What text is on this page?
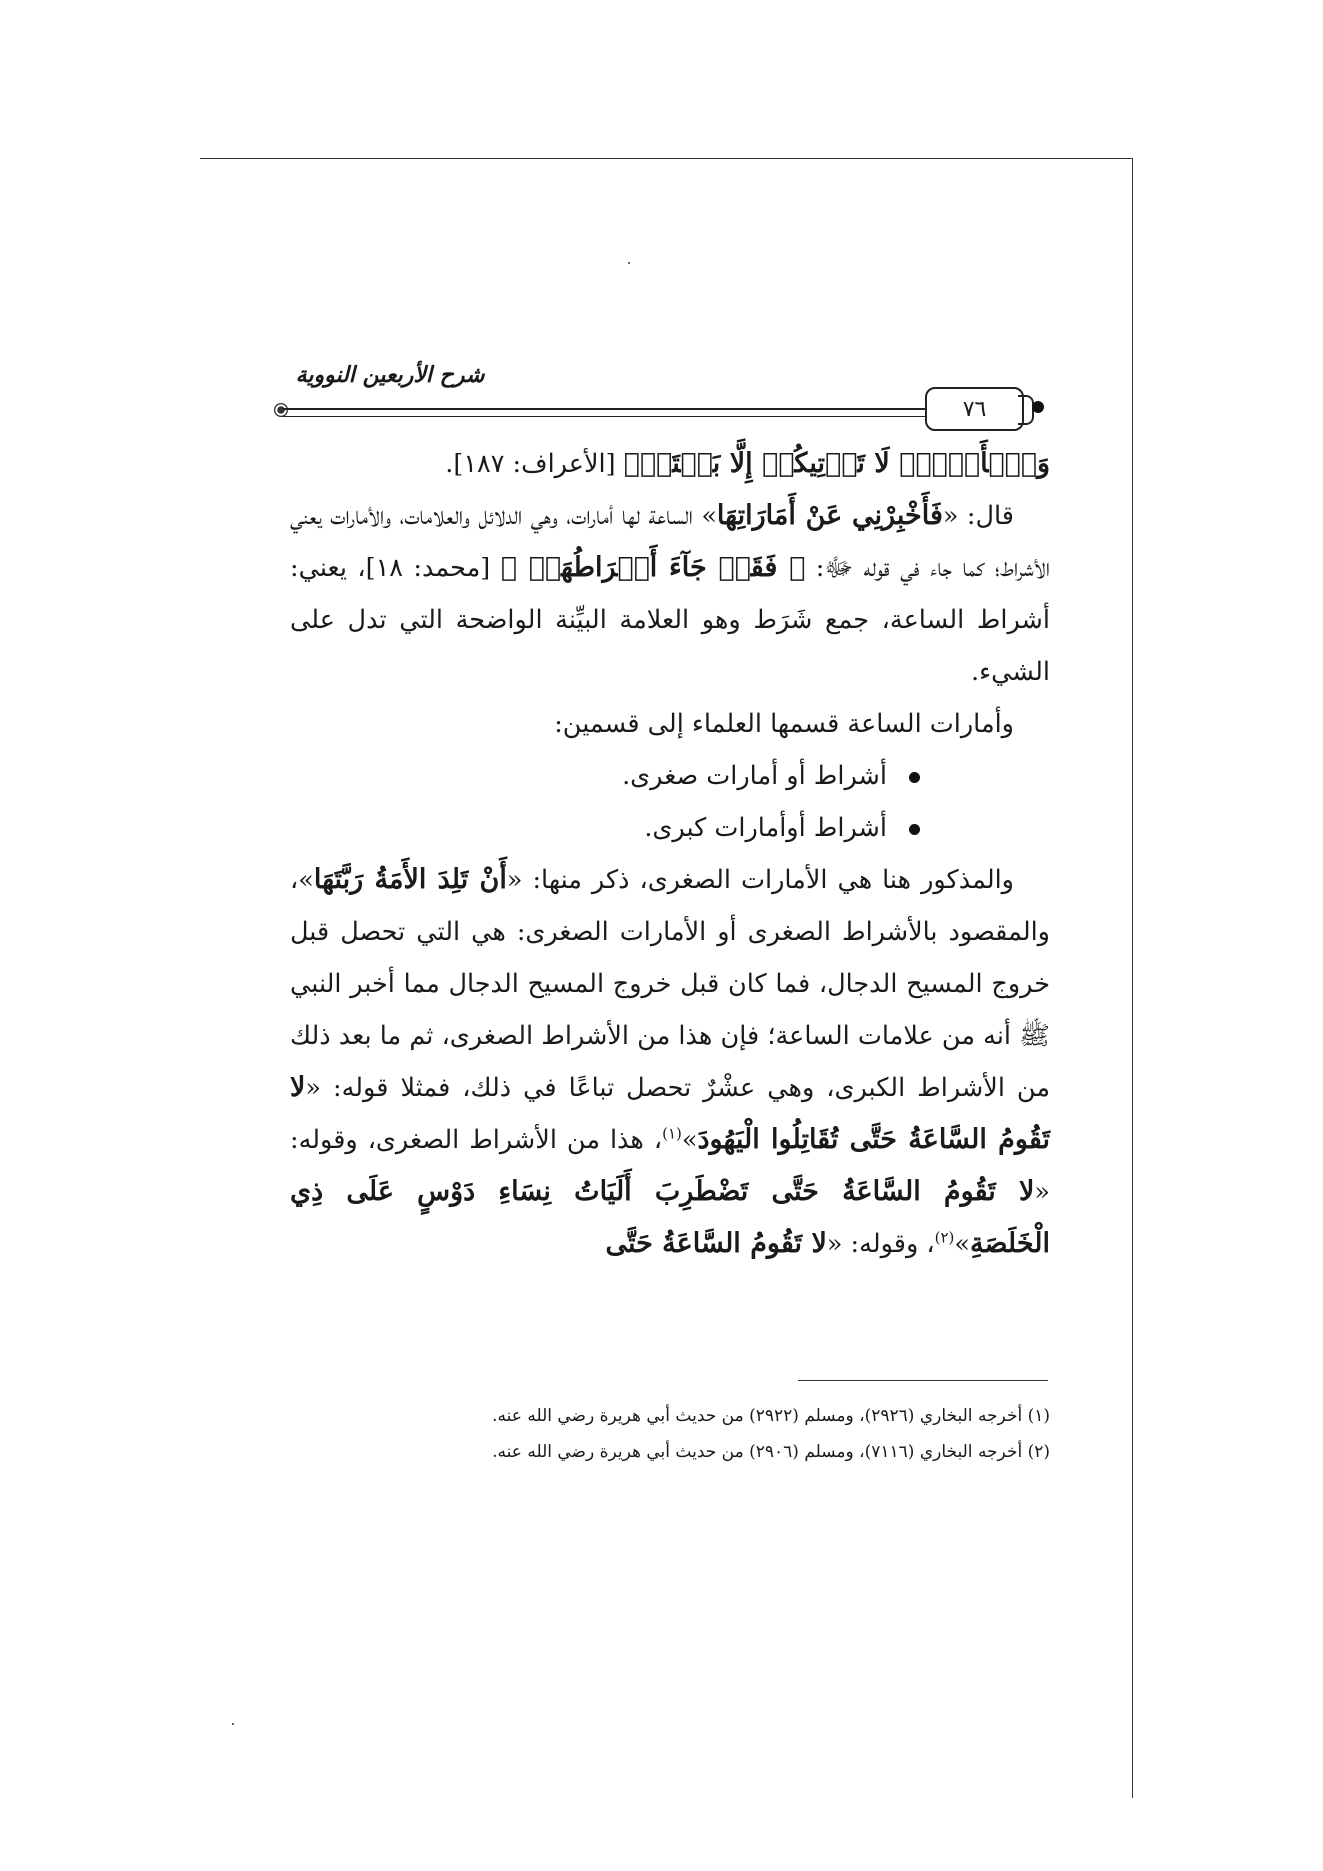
شرح الأربعين النووية
٧٦

وَٱلۡأَرۡضِۚ لَا تَأۡتِيكُمۡ إِلَّا بَغۡتَةٗۗ [الأعراف: ١٨٧].

قال: «فَأَخْبِرْنِي عَنْ أَمَارَاتِهَا» الساعة لها أمارات، وهي الدلائل والعلامات، والأمارات يعني الأشراط؛ كما جاء في قوله ﷻ: ﴿ فَقَدۡ جَآءَ أَشۡرَاطُهَاۚ ﴾ [محمد: ١٨]، يعني: أشراط الساعة، جمع شَرَط وهو العلامة البيِّنة الواضحة التي تدل على الشيء.

وأمارات الساعة قسمها العلماء إلى قسمين:

أشراط أو أمارات صغرى.
أشراط أوأمارات كبرى.

والمذكور هنا هي الأمارات الصغرى، ذكر منها: «أَنْ تَلِدَ الأَمَةُ رَبَّتَهَا»، والمقصود بالأشراط الصغرى أو الأمارات الصغرى: هي التي تحصل قبل خروج المسيح الدجال، فما كان قبل خروج المسيح الدجال مما أخبر النبي ﷺ أنه من علامات الساعة؛ فإن هذا من الأشراط الصغرى، ثم ما بعد ذلك من الأشراط الكبرى، وهي عشْرٌ تحصل تباعًا في ذلك، فمثلا قوله: «لا تَقُومُ السَّاعَةُ حَتَّى تُقَاتِلُوا الْيَهُودَ»$^{(١)}$، هذا من الأشراط الصغرى، وقوله: «لا تَقُومُ السَّاعَةُ حَتَّى تَضْطَرِبَ أَلَيَاتُ نِسَاءِ دَوْسٍ عَلَى ذِي الْخَلَصَةِ»$^{(٢)}$، وقوله: «لا تَقُومُ السَّاعَةُ حَتَّى

(١) أخرجه البخاري (٢٩٢٦)، ومسلم (٢٩٢٢) من حديث أبي هريرة رضي الله عنه.

(٢) أخرجه البخاري (٧١١٦)، ومسلم (٢٩٠٦) من حديث أبي هريرة رضي الله عنه.
